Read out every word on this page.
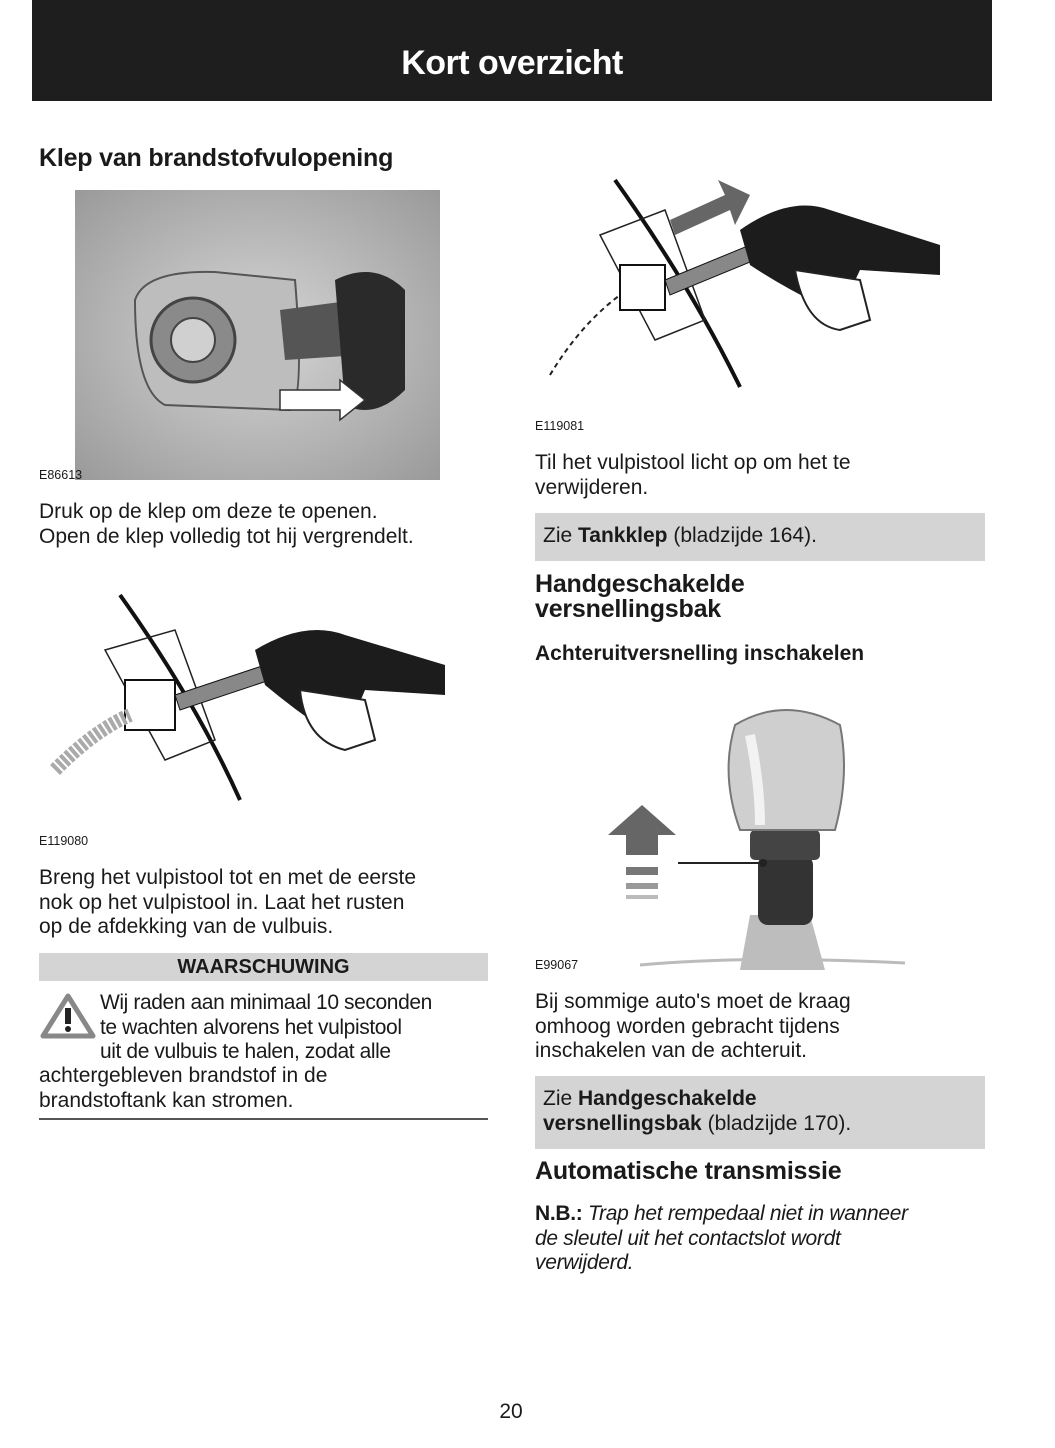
Kort overzicht
Klep van brandstofvulopening
E86613
Druk op de klep om deze te openen.
Open de klep volledig tot hij vergrendelt.
E119080
Breng het vulpistool tot en met de eerste
nok op het vulpistool in. Laat het rusten
op de afdekking van de vulbuis.
WAARSCHUWING
Wij raden aan minimaal 10 seconden
te wachten alvorens het vulpistool
uit de vulbuis te halen, zodat alle
achtergebleven brandstof in de
brandstoftank kan stromen.
E119081
Til het vulpistool licht op om het te
verwijderen.
Zie Tankklep (bladzijde 164).
Handgeschakelde
versnellingsbak
Achteruitversnelling inschakelen
E99067
Bij sommige auto's moet de kraag
omhoog worden gebracht tijdens
inschakelen van de achteruit.
Zie Handgeschakelde
versnellingsbak (bladzijde 170).
Automatische transmissie
N.B.: Trap het rempedaal niet in wanneer
de sleutel uit het contactslot wordt
verwijderd.
20
